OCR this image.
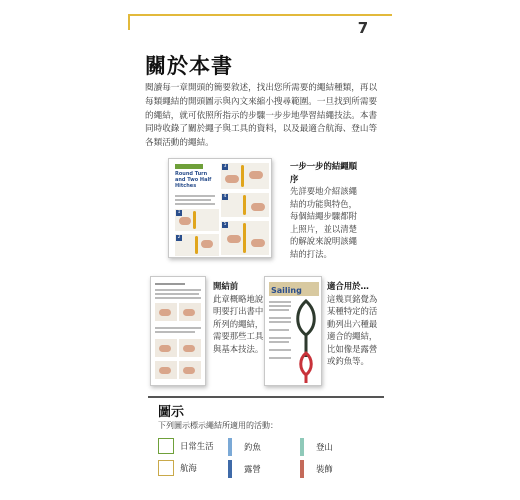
7
關於本書
閱讀每一章開頭的簡要敘述，找出您所需要的繩結種類，再以每類繩結的開頭圖示與內文來縮小搜尋範圍。一旦找到所需要的繩結，就可依照所指示的步驟一步步地學習結繩技法。本書同時收錄了關於繩子與工具的資料，以及最適合航海、登山等各類活動的繩結。
Round Turn and Two Half Hitches
3
1
4
2
5
Sailing
一步一步的結繩順序
先詳要地介紹該繩結的功能與特色，每個結繩步驟都附上照片，並以清楚的解說來說明該繩結的打法。
開結前
此章概略地說明要打出書中所列的繩結，需要那些工具與基本技法。
適合用於…
這幾頁銘覺為某種特定的活動列出六種最適合的繩結，比如像是露營或釣魚等。
圖示
下列圖示標示繩結所適用的活動：
日常生活	釣魚	登山
航海	露營	裝飾
